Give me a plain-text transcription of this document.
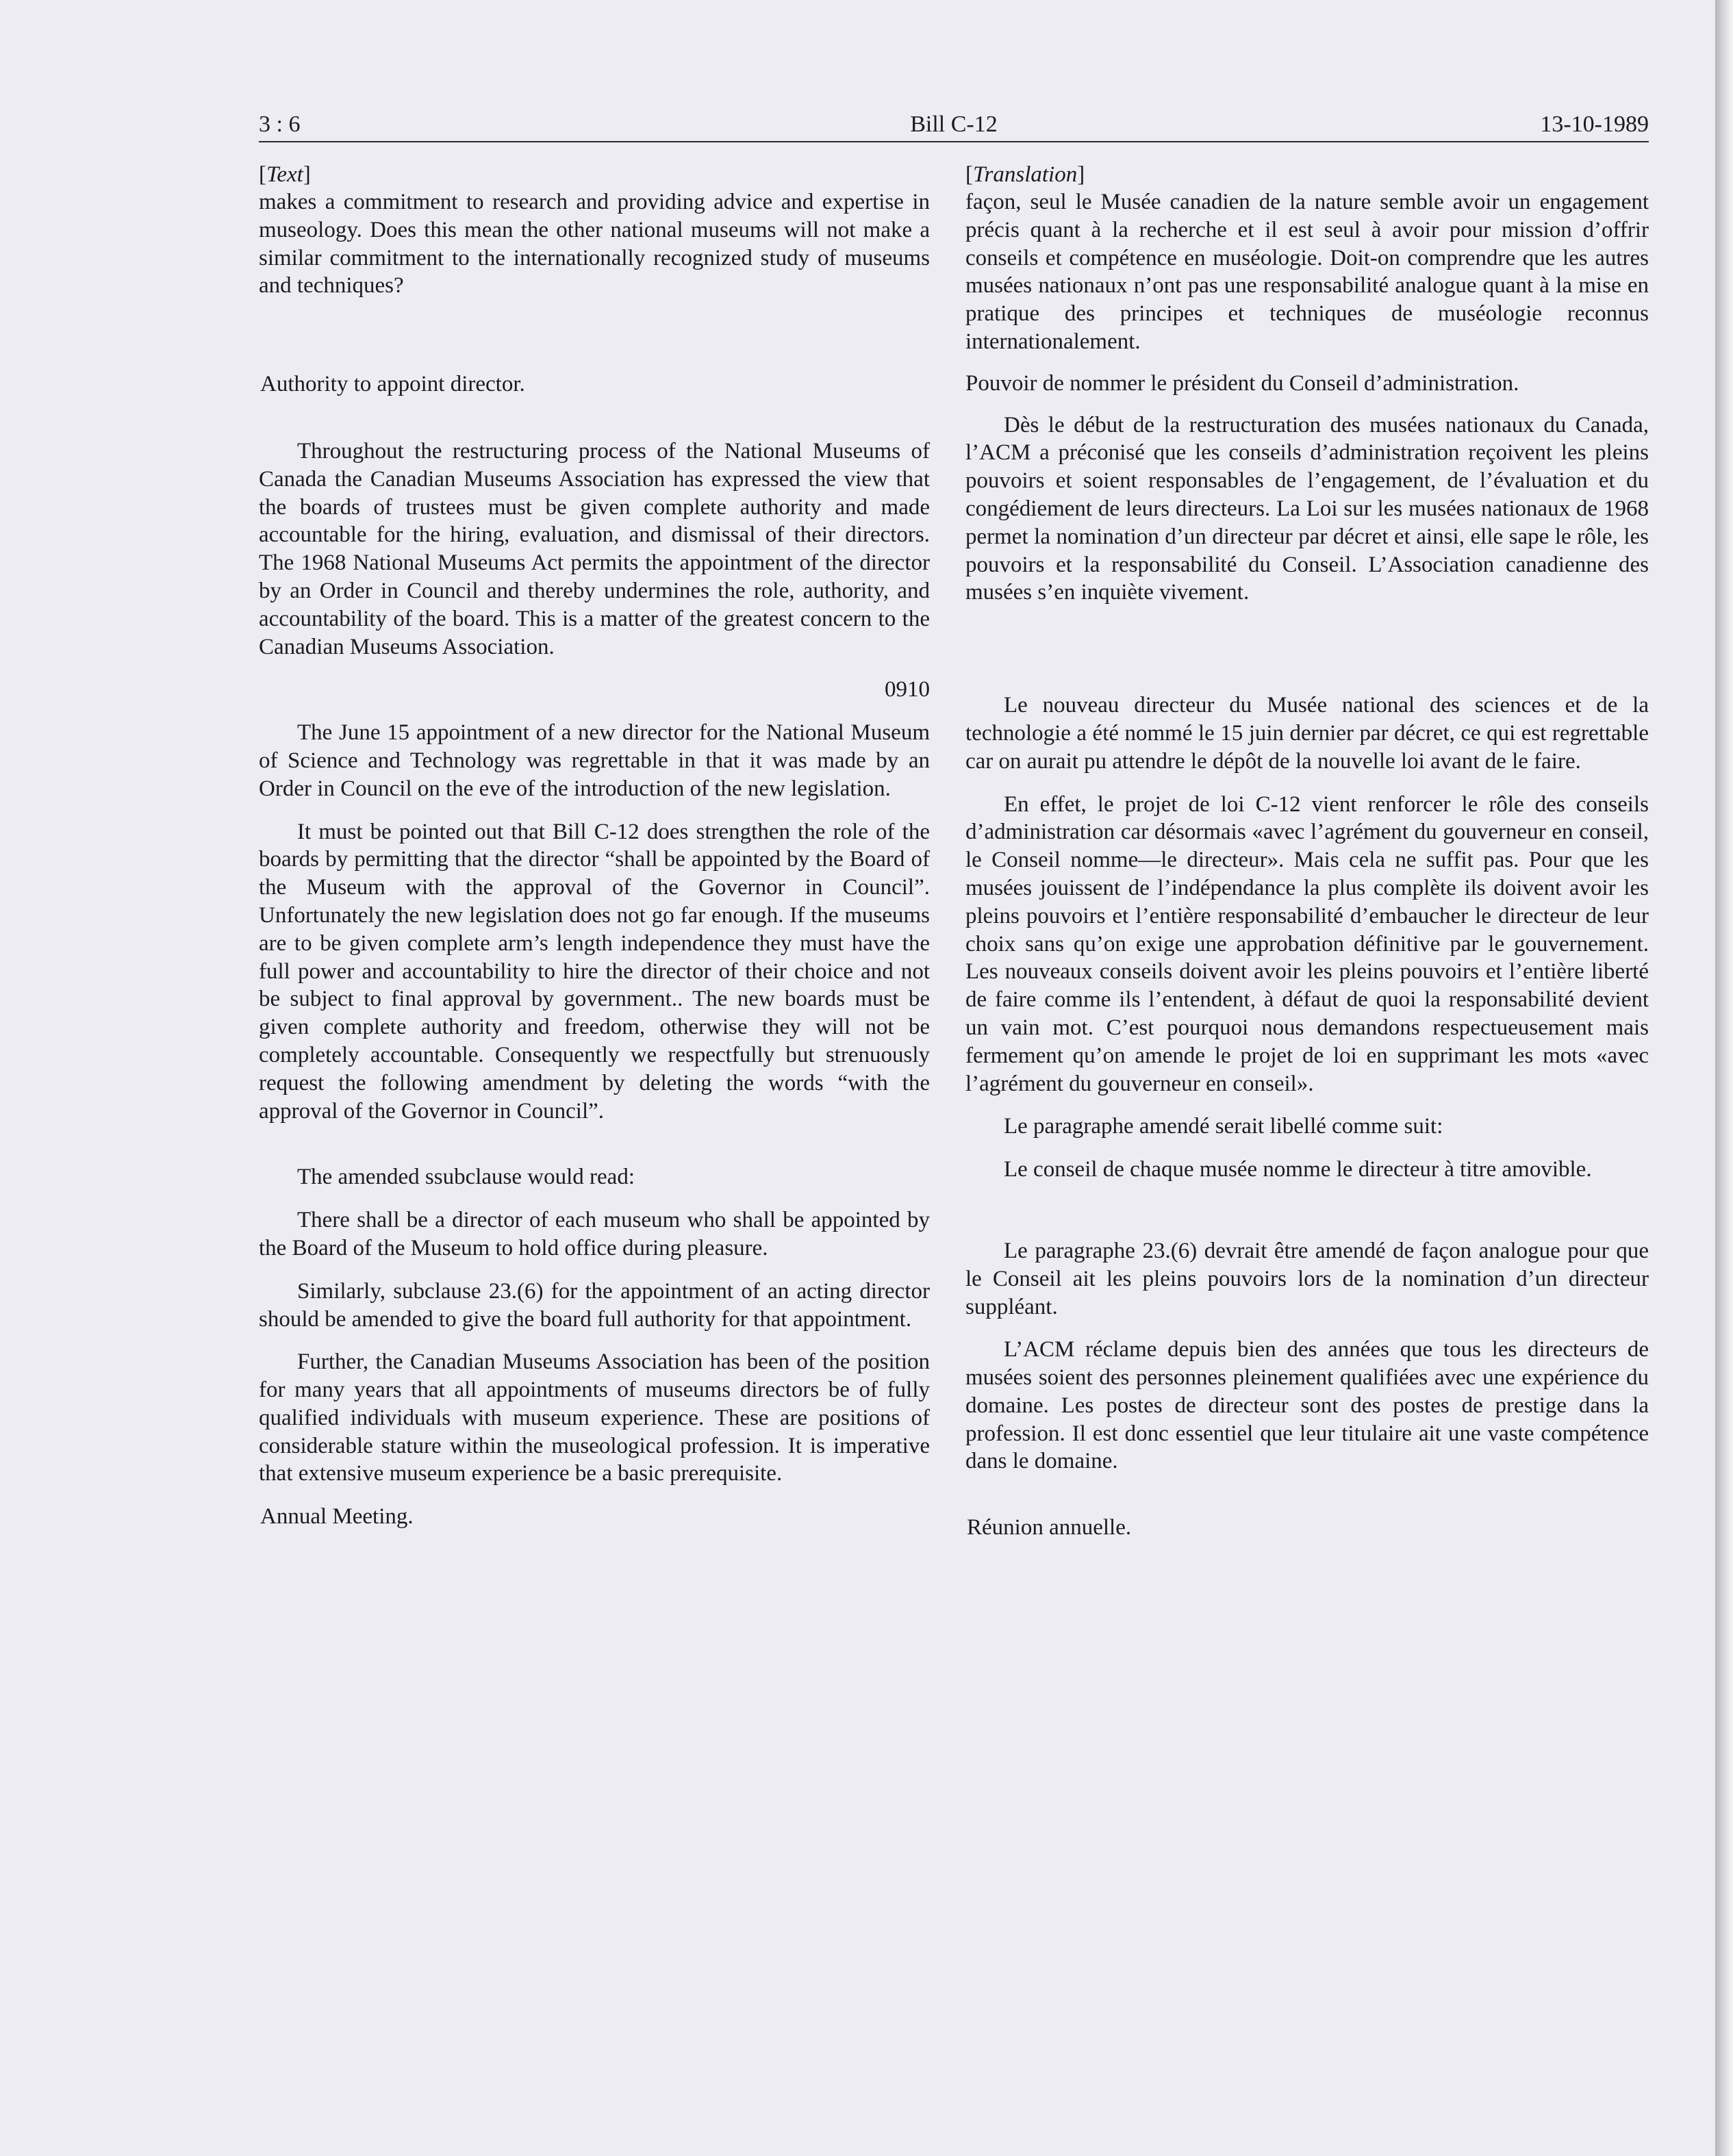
3 : 6	Bill C-12	13-10-1989

[Text]

makes a commitment to research and providing advice and expertise in museology. Does this mean the other national museums will not make a similar commitment to the internationally recognized study of museums and techniques?

Authority to appoint director.

Throughout the restructuring process of the National Museums of Canada the Canadian Museums Association has expressed the view that the boards of trustees must be given complete authority and made accountable for the hiring, evaluation, and dismissal of their directors. The 1968 National Museums Act permits the appointment of the director by an Order in Council and thereby undermines the role, authority, and accountability of the board. This is a matter of the greatest concern to the Canadian Museums Association.

0910

The June 15 appointment of a new director for the National Museum of Science and Technology was regrettable in that it was made by an Order in Council on the eve of the introduction of the new legislation.

It must be pointed out that Bill C-12 does strengthen the role of the boards by permitting that the director “shall be appointed by the Board of the Museum with the approval of the Governor in Council”. Unfortunately the new legislation does not go far enough. If the museums are to be given complete arm’s length independence they must have the full power and accountability to hire the director of their choice and not be subject to final approval by government.. The new boards must be given complete authority and freedom, otherwise they will not be completely accountable. Consequently we respectfully but strenuously request the following amendment by deleting the words “with the approval of the Governor in Council”.

The amended ssubclause would read:

There shall be a director of each museum who shall be appointed by the Board of the Museum to hold office during pleasure.

Similarly, subclause 23.(6) for the appointment of an acting director should be amended to give the board full authority for that appointment.

Further, the Canadian Museums Association has been of the position for many years that all appointments of museums directors be of fully qualified individuals with museum experience. These are positions of considerable stature within the museological profession. It is imperative that extensive museum experience be a basic prerequisite.

Annual Meeting.

[Translation]

façon, seul le Musée canadien de la nature semble avoir un engagement précis quant à la recherche et il est seul à avoir pour mission d’offrir conseils et compétence en muséologie. Doit-on comprendre que les autres musées nationaux n’ont pas une responsabilité analogue quant à la mise en pratique des principes et techniques de muséologie reconnus internationalement.

Pouvoir de nommer le président du Conseil d’administration.

Dès le début de la restructuration des musées nationaux du Canada, l’ACM a préconisé que les conseils d’administration reçoivent les pleins pouvoirs et soient responsables de l’engagement, de l’évaluation et du congédiement de leurs directeurs. La Loi sur les musées nationaux de 1968 permet la nomination d’un directeur par décret et ainsi, elle sape le rôle, les pouvoirs et la responsabilité du Conseil. L’Association canadienne des musées s’en inquiète vivement.

Le nouveau directeur du Musée national des sciences et de la technologie a été nommé le 15 juin dernier par décret, ce qui est regrettable car on aurait pu attendre le dépôt de la nouvelle loi avant de le faire.

En effet, le projet de loi C-12 vient renforcer le rôle des conseils d’administration car désormais «avec l’agrément du gouverneur en conseil, le Conseil nomme—le directeur». Mais cela ne suffit pas. Pour que les musées jouissent de l’indépendance la plus complète ils doivent avoir les pleins pouvoirs et l’entière responsabilité d’embaucher le directeur de leur choix sans qu’on exige une approbation définitive par le gouvernement. Les nouveaux conseils doivent avoir les pleins pouvoirs et l’entière liberté de faire comme ils l’entendent, à défaut de quoi la responsabilité devient un vain mot. C’est pourquoi nous demandons respectueusement mais fermement qu’on amende le projet de loi en supprimant les mots «avec l’agrément du gouverneur en conseil».

Le paragraphe amendé serait libellé comme suit:

Le conseil de chaque musée nomme le directeur à titre amovible.

Le paragraphe 23.(6) devrait être amendé de façon analogue pour que le Conseil ait les pleins pouvoirs lors de la nomination d’un directeur suppléant.

L’ACM réclame depuis bien des années que tous les directeurs de musées soient des personnes pleinement qualifiées avec une expérience du domaine. Les postes de directeur sont des postes de prestige dans la profession. Il est donc essentiel que leur titulaire ait une vaste compétence dans le domaine.

Réunion annuelle.
